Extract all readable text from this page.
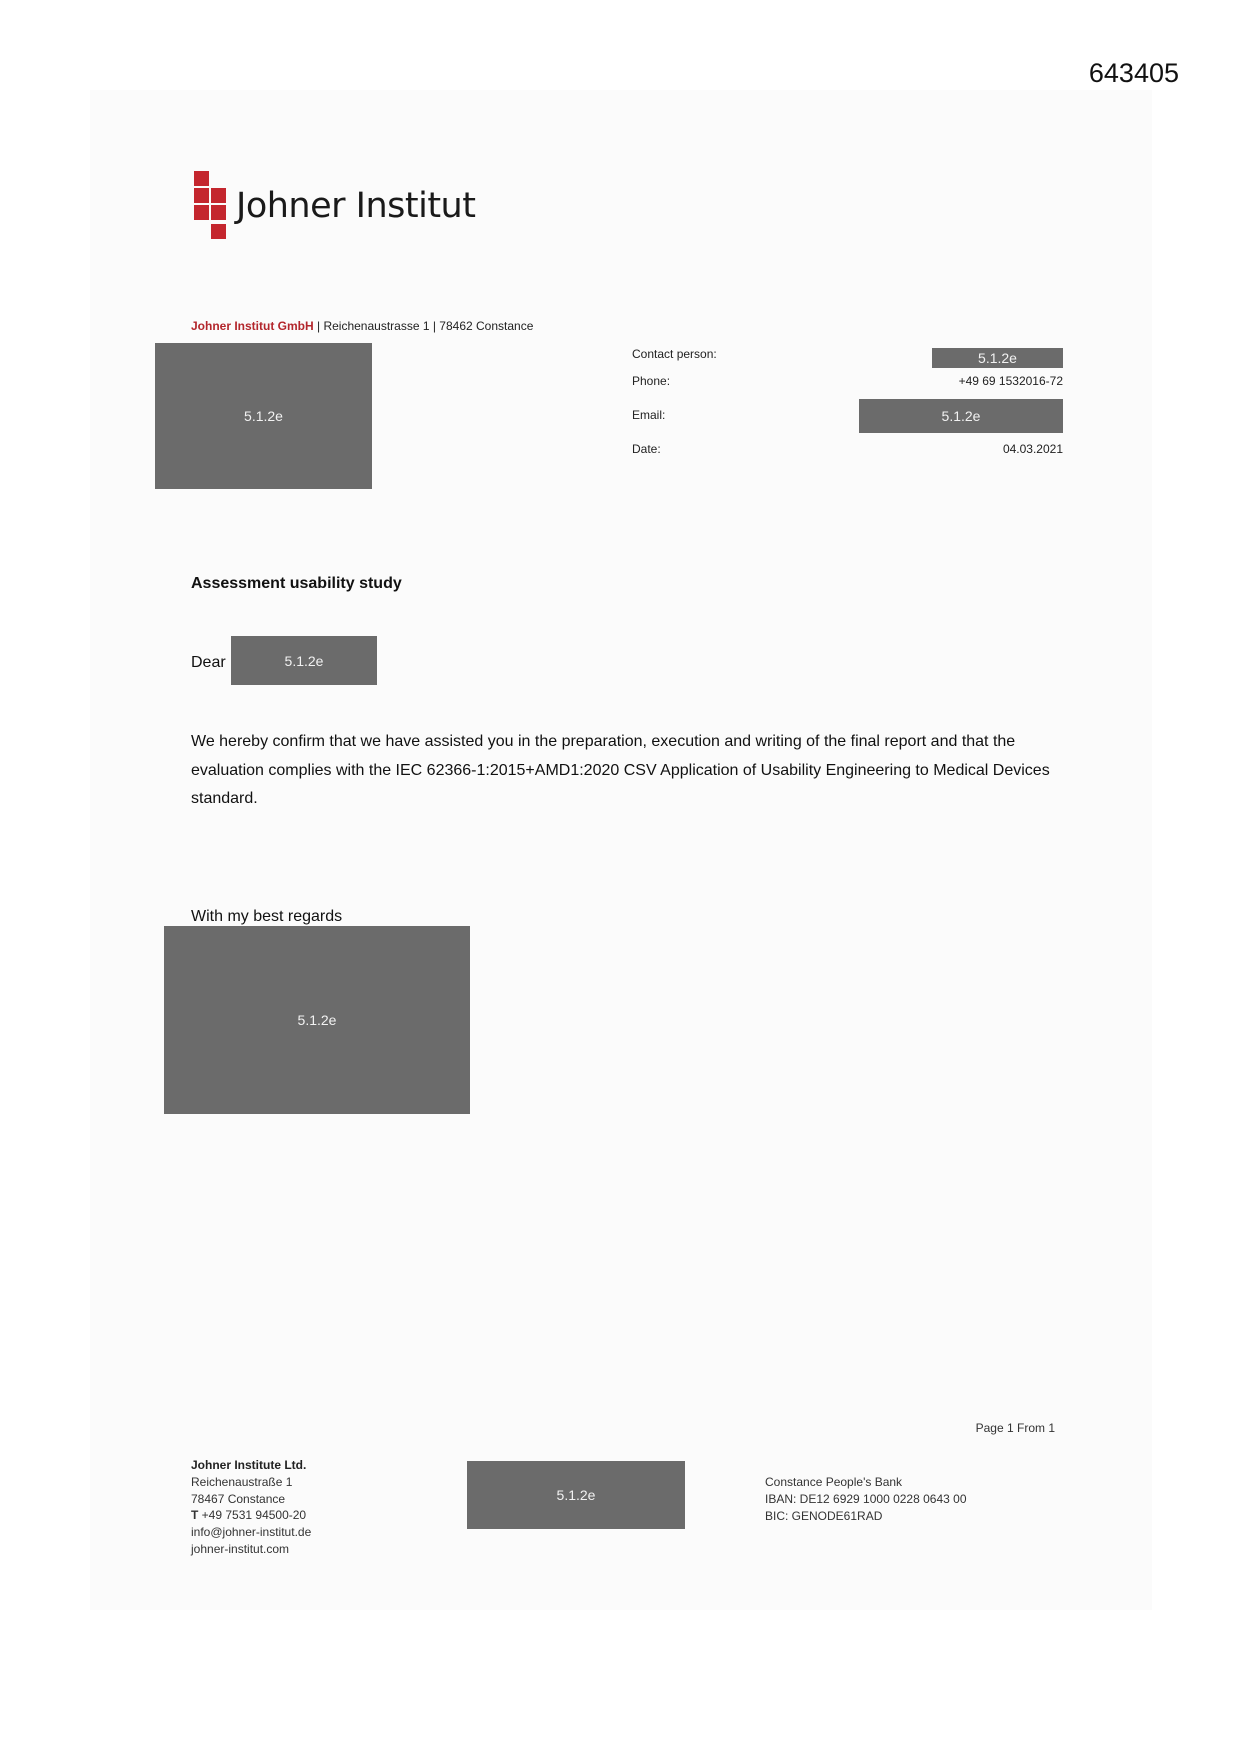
643405
Johner Institut
Johner Institut GmbH | Reichenaustrasse 1 | 78462 Constance
5.1.2e
Contact person:	5.1.2e
Phone:	+49 69 1532016-72
Email:	5.1.2e
Date:	04.03.2021
Assessment usability study
Dear	5.1.2e
We hereby confirm that we have assisted you in the preparation, execution and writing of the final report and that the evaluation complies with the IEC 62366-1:2015+AMD1:2020 CSV Application of Usability Engineering to Medical Devices standard.
With my best regards
5.1.2e
Page 1 From 1
Johner Institute Ltd.
Reichenaustraße 1
78467 Constance
T +49 7531 94500-20
info@johner-institut.de
johner-institut.com
5.1.2e
Constance People's Bank
IBAN: DE12 6929 1000 0228 0643 00
BIC: GENODE61RAD
